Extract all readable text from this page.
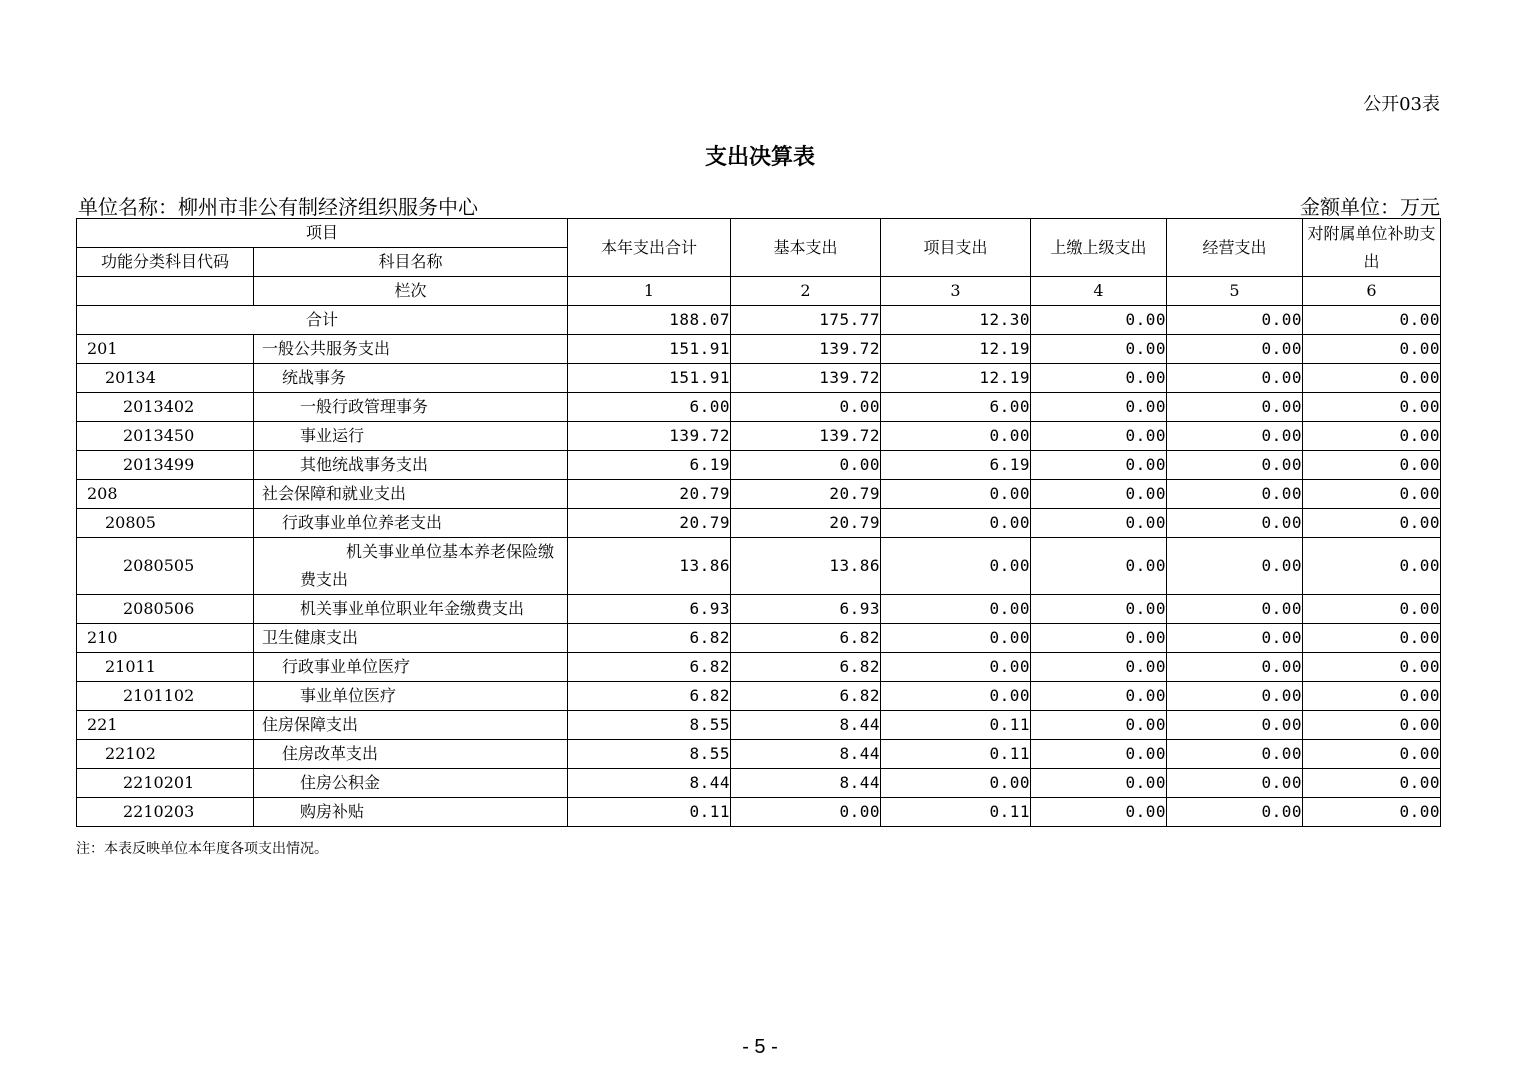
公开03表
支出决算表
单位名称：柳州市非公有制经济组织服务中心	金额单位：万元
项目		本年支出合计	基本支出	项目支出	上缴上级支出	经营支出	对附属单位补助支出
功能分类科目代码	科目名称						
	栏次	1	2	3	4	5	6
合计		188.07	175.77	12.30	0.00	0.00	0.00
201	一般公共服务支出	151.91	139.72	12.19	0.00	0.00	0.00
20134	统战事务	151.91	139.72	12.19	0.00	0.00	0.00
2013402	一般行政管理事务	6.00	0.00	6.00	0.00	0.00	0.00
2013450	事业运行	139.72	139.72	0.00	0.00	0.00	0.00
2013499	其他统战事务支出	6.19	0.00	6.19	0.00	0.00	0.00
208	社会保障和就业支出	20.79	20.79	0.00	0.00	0.00	0.00
20805	行政事业单位养老支出	20.79	20.79	0.00	0.00	0.00	0.00
2080505	机关事业单位基本养老保险缴费支出	13.86	13.86	0.00	0.00	0.00	0.00
2080506	机关事业单位职业年金缴费支出	6.93	6.93	0.00	0.00	0.00	0.00
210	卫生健康支出	6.82	6.82	0.00	0.00	0.00	0.00
21011	行政事业单位医疗	6.82	6.82	0.00	0.00	0.00	0.00
2101102	事业单位医疗	6.82	6.82	0.00	0.00	0.00	0.00
221	住房保障支出	8.55	8.44	0.11	0.00	0.00	0.00
22102	住房改革支出	8.55	8.44	0.11	0.00	0.00	0.00
2210201	住房公积金	8.44	8.44	0.00	0.00	0.00	0.00
2210203	购房补贴	0.11	0.00	0.11	0.00	0.00	0.00
注：本表反映单位本年度各项支出情况。
- 5 -
